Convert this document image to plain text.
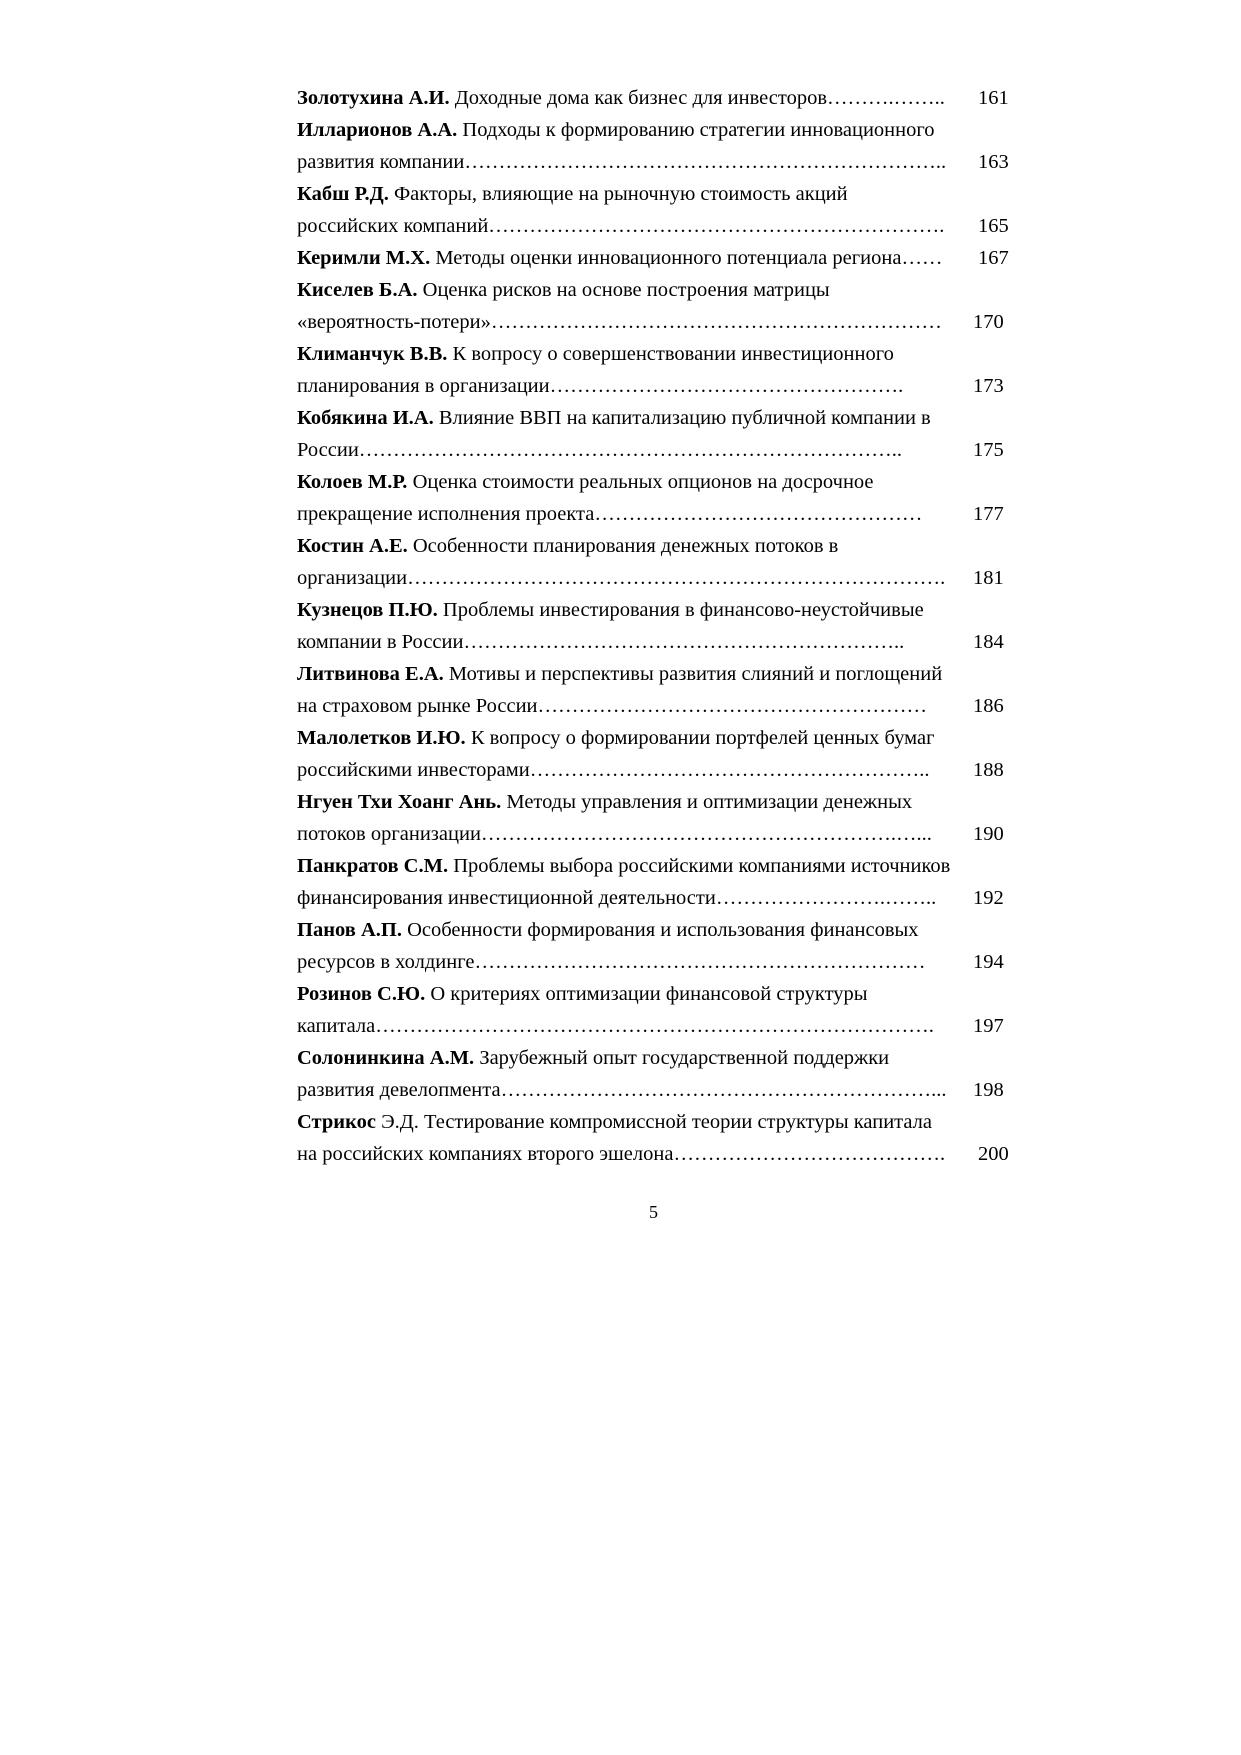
Золотухина А.И. Доходные дома как бизнес для инвесторов……….…….. 161
Илларионов А.А. Подходы к формированию стратегии инновационного
развития компании…………………………………………………………….. 163
Кабш Р.Д. Факторы, влияющие на рыночную стоимость акций
российских компаний…………………………………………………………. 165
Керимли М.Х. Методы оценки инновационного потенциала региона…… 167
Киселев Б.А. Оценка рисков на основе построения матрицы
«вероятность-потери»………………………………………………………… 170
Климанчук В.В. К вопросу о совершенствовании инвестиционного
планирования в организации…………………………………………….	173
Кобякина И.А. Влияние ВВП на капитализацию публичной компании в
России……………………………………………………………………..	175
Колоев М.Р. Оценка стоимости реальных опционов на досрочное
прекращение исполнения проекта………………………………………… 177
Костин А.Е. Особенности планирования денежных потоков в
организации……………………………………………………………………. 181
Кузнецов П.Ю. Проблемы инвестирования в финансово-неустойчивые
компании в России………………………………………………………..	184
Литвинова Е.А. Мотивы и перспективы развития слияний и поглощений
на страховом рынке России………………………………………………… 186
Малолетков И.Ю. К вопросу о формировании портфелей ценных бумаг
российскими инвесторами………………………………………………….. 188
Нгуен Тхи Хоанг Ань. Методы управления и оптимизации денежных
потоков организации…………………………………………………….…... 190
Панкратов С.М. Проблемы выбора российскими компаниями источников
финансирования инвестиционной деятельности…………………….…….. 192
Панов А.П. Особенности формирования и использования финансовых
ресурсов в холдинге………………………………………………………… 194
Розинов С.Ю. О критериях оптимизации финансовой структуры
капитала………………………………………………………………………. 197
Солонинкина А.М. Зарубежный опыт государственной поддержки
развития девелопмента………………………………………………………... 198
Стрикос Э.Д. Тестирование компромиссной теории структуры капитала
на российских компаниях второго эшелона…………………………………. 200
5
